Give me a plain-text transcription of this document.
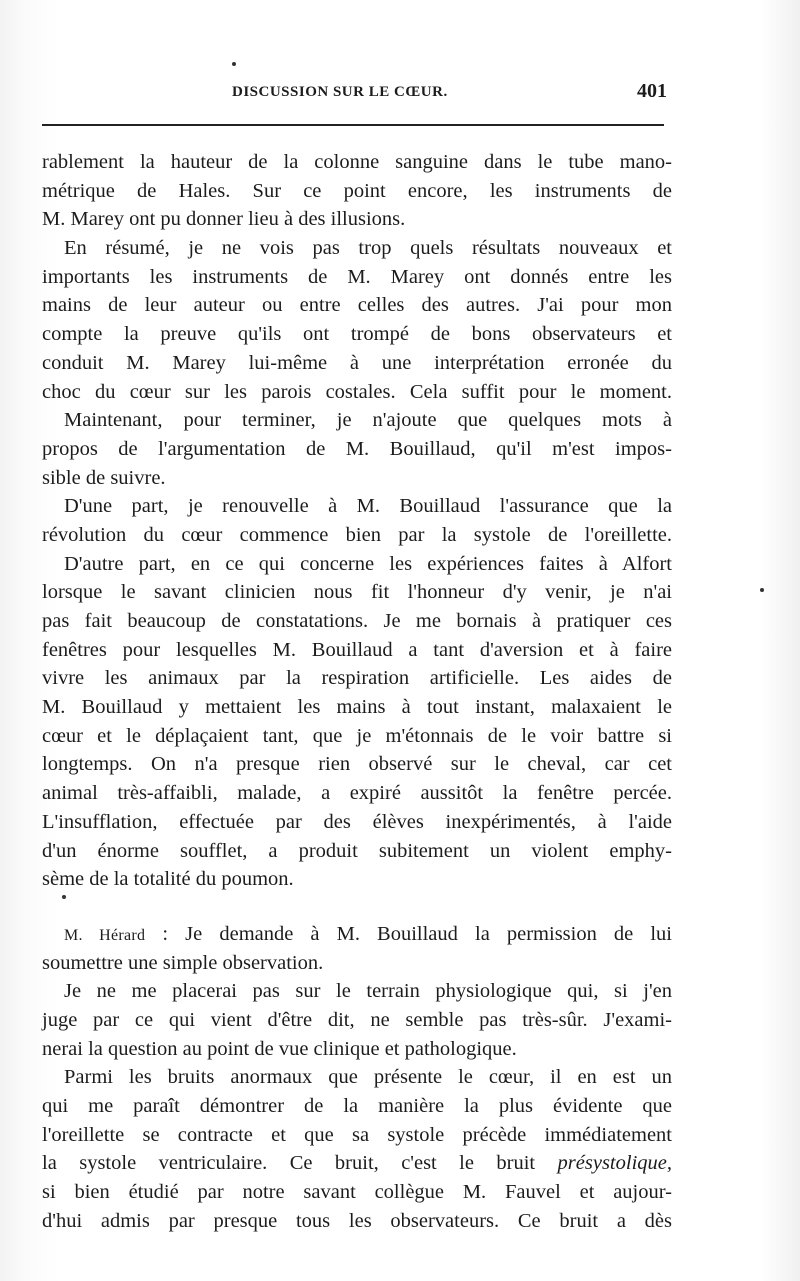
DISCUSSION SUR LE CŒUR.	401
rablement la hauteur de la colonne sanguine dans le tube mano-
métrique de Hales. Sur ce point encore, les instruments de
M. Marey ont pu donner lieu à des illusions.
En résumé, je ne vois pas trop quels résultats nouveaux et
importants les instruments de M. Marey ont donnés entre les
mains de leur auteur ou entre celles des autres. J'ai pour mon
compte la preuve qu'ils ont trompé de bons observateurs et
conduit M. Marey lui-même à une interprétation erronée du
choc du cœur sur les parois costales. Cela suffit pour le moment.
Maintenant, pour terminer, je n'ajoute que quelques mots à
propos de l'argumentation de M. Bouillaud, qu'il m'est impos-
sible de suivre.
D'une part, je renouvelle à M. Bouillaud l'assurance que la
révolution du cœur commence bien par la systole de l'oreillette.
D'autre part, en ce qui concerne les expériences faites à Alfort
lorsque le savant clinicien nous fit l'honneur d'y venir, je n'ai
pas fait beaucoup de constatations. Je me bornais à pratiquer ces
fenêtres pour lesquelles M. Bouillaud a tant d'aversion et à faire
vivre les animaux par la respiration artificielle. Les aides de
M. Bouillaud y mettaient les mains à tout instant, malaxaient le
cœur et le déplaçaient tant, que je m'étonnais de le voir battre si
longtemps. On n'a presque rien observé sur le cheval, car cet
animal très-affaibli, malade, a expiré aussitôt la fenêtre percée.
L'insufflation, effectuée par des élèves inexpérimentés, à l'aide
d'un énorme soufflet, a produit subitement un violent emphy-
sème de la totalité du poumon.
M. Hérard : Je demande à M. Bouillaud la permission de lui
soumettre une simple observation.
Je ne me placerai pas sur le terrain physiologique qui, si j'en
juge par ce qui vient d'être dit, ne semble pas très-sûr. J'exami-
nerai la question au point de vue clinique et pathologique.
Parmi les bruits anormaux que présente le cœur, il en est un
qui me paraît démontrer de la manière la plus évidente que
l'oreillette se contracte et que sa systole précède immédiatement
la systole ventriculaire. Ce bruit, c'est le bruit présystolique,
si bien étudié par notre savant collègue M. Fauvel et aujour-
d'hui admis par presque tous les observateurs. Ce bruit a dès
